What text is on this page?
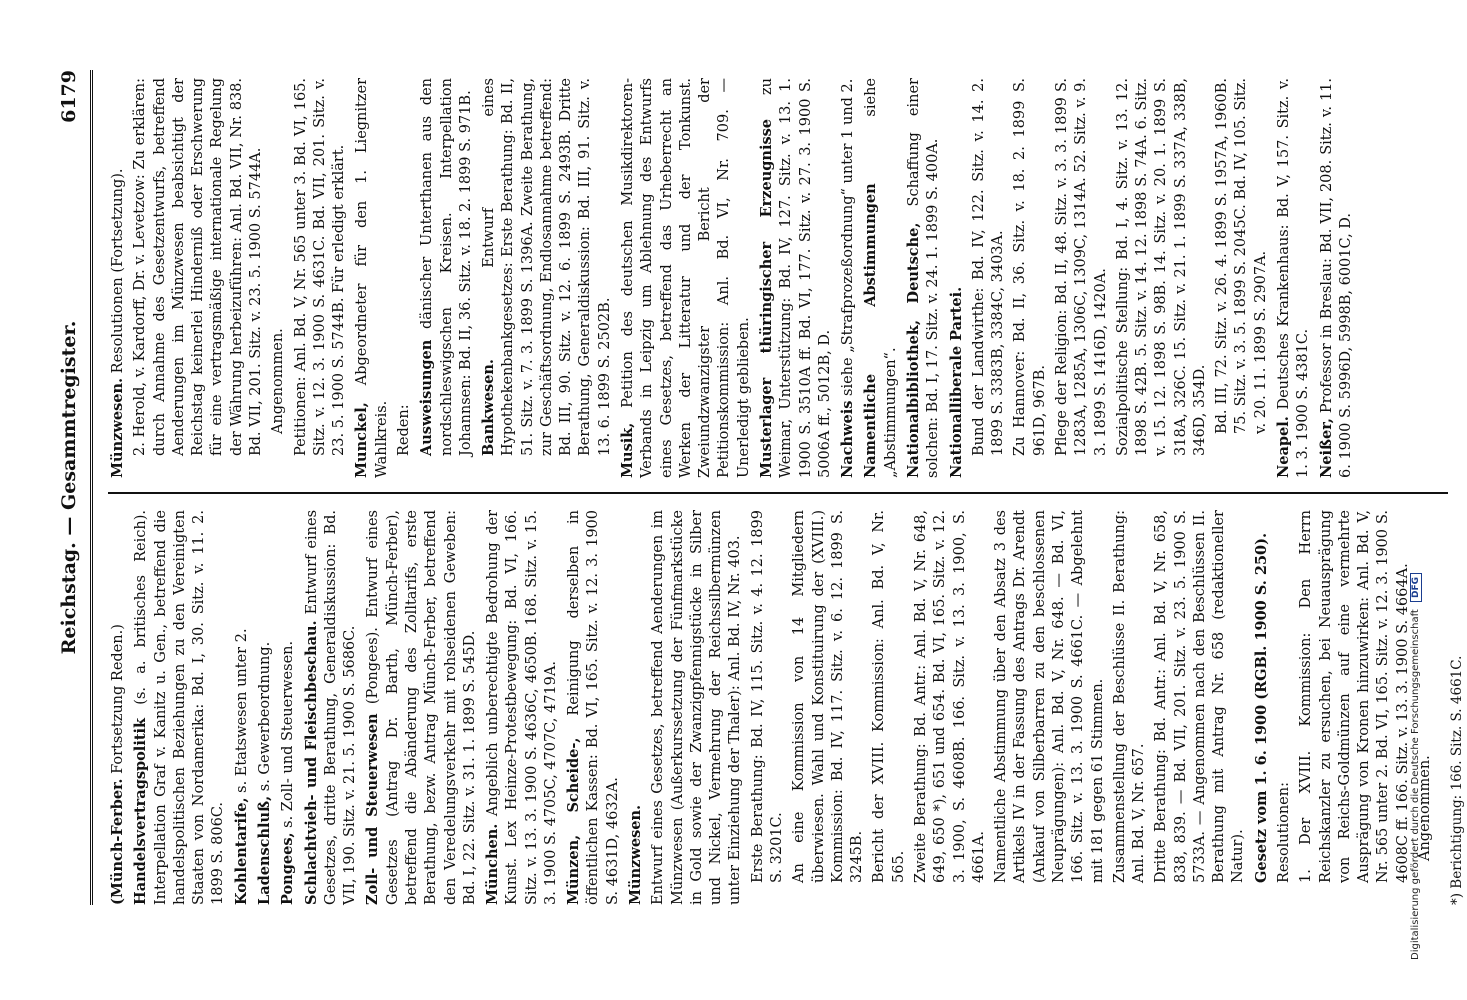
Reichstag. — Gesammtregister.
6179
(Münch-Ferber. Fortsetzung Reden.)
Handelsvertragspolitik (s. a. britisches Reich). Interpellation Graf v. Kanitz u. Gen., betreffend die handelspolitischen Beziehungen zu den Vereinigten Staaten von Nordamerika: Bd. I, 30. Sitz. v. 11. 2. 1899 S. 806C. Kohlentarife, s. Etatswesen unter 2.
Ladenschluß, s. Gewerbeordnung.
Pongees, s. Zoll- und Steuerwesen. Schlachtvieh- und Fleischbeschau. Entwurf eines Gesetzes, dritte Berathung, Generaldiskussion: Bd. VII, 190. Sitz. v. 21. 5. 1900 S. 5686C. Zoll- und Steuerwesen (Pongees). Entwurf eines Gesetzes (Antrag Dr. Barth, Münch-Ferber), betreffend die Abänderung des Zolltarifs, erste Berathung, bezw. Antrag Münch-Ferber, betreffend den Veredelungsverkehr mit rohseidenen Geweben: Bd. I, 22. Sitz. v. 31. 1. 1899 S. 545D. München. Angeblich unberechtigte Bedrohung der Kunst. Lex Heinze-Protestbewegung: Bd. VI, 166. Sitz. v. 13. 3. 1900 S. 4636C, 4650B. 168. Sitz. v. 15. 3. 1900 S. 4705C, 4707C, 4719A. Münzen, Scheide-, Reinigung derselben in öffentlichen Kassen: Bd. VI, 165. Sitz. v. 12. 3. 1900 S. 4631D, 4632A. Münzwesen. Entwurf eines Gesetzes, betreffend Aenderungen im Münzwesen (Außerkurssetzung der Fünfmarkstücke in Gold sowie der Zwanzigpfennigstücke in Silber und Nickel, Vermehrung der Reichssilbermünzen unter Einziehung der Thaler): Anl. Bd. IV, Nr. 403. Erste Berathung: Bd. IV, 115. Sitz. v. 4. 12. 1899 S. 3201C. An eine Kommission von 14 Mitgliedern überwiesen. Wahl und Konstituirung der (XVIII.) Kommission: Bd. IV, 117. Sitz. v. 6. 12. 1899 S. 3245B. Bericht der XVIII. Kommission: Anl. Bd. V, Nr. 565. Zweite Berathung: Bd. Antr.: Anl. Bd. V, Nr. 648, 649, 650 *), 651 und 654. Bd. VI, 165. Sitz. v. 12. 3. 1900, S. 4608B. 166. Sitz. v. 13. 3. 1900, S. 4661A. Namentliche Abstimmung über den Absatz 3 des Artikels IV in der Fassung des Antrags Dr. Arendt (Ankauf von Silberbarren zu den beschlossenen Neuprägungen): Anl. Bd. V, Nr. 648. — Bd. VI, 166. Sitz. v. 13. 3. 1900 S. 4661C. — Abgelehnt mit 181 gegen 61 Stimmen. Zusammenstellung der Beschlüsse II. Berathung: Anl. Bd. V, Nr. 657. Dritte Berathung: Bd. Antr.: Anl. Bd. V, Nr. 658, 838, 839. — Bd. VII, 201. Sitz. v. 23. 5. 1900 S. 5733A. — Angenommen nach den Beschlüssen II. Berathung mit Antrag Nr. 658 (redaktioneller Natur). Gesetz vom 1. 6. 1900 (RGBl. 1900 S. 250). Resolutionen: 1. Der XVIII. Kommission: Den Herrn Reichskanzler zu ersuchen, bei Neuausprägung von Reichs-Goldmünzen auf eine vermehrte Ausprägung von Kronen hinzuwirken: Anl. Bd. V, Nr. 565 unter 2. Bd. VI, 165. Sitz. v. 12. 3. 1900 S. 4608C ff. 166. Sitz. v. 13. 3. 1900 S. 4664A. Angenommen. *) Berichtigung: 166. Sitz. S. 4661C.
Münzwesen. Resolutionen (Fortsetzung). 2. Herold, v. Kardorff, Dr. v. Levetzow: Zu erklären: durch Annahme des Gesetzentwurfs, betreffend Aenderungen im Münzwesen beabsichtigt der Reichstag keinerlei Hinderniß oder Erschwerung für eine vertragsmäßige internationale Regelung der Währung herbeizuführen: Anl. Bd. VII, Nr. 838. Bd. VII, 201. Sitz. v. 23. 5. 1900 S. 5744A. Angenommen. Petitionen: Anl. Bd. V, Nr. 565 unter 3. Bd. VI, 165. Sitz. v. 12. 3. 1900 S. 4631C. Bd. VII, 201. Sitz. v. 23. 5. 1900 S. 5744B. Für erledigt erklärt. Munckel, Abgeordneter für den 1. Liegnitzer Wahlkreis. Reden: Ausweisungen dänischer Unterthanen aus den nordschleswigschen Kreisen. Interpellation Johannsen: Bd. II, 36. Sitz. v. 18. 2. 1899 S. 971B. Bankwesen. Entwurf eines Hypothekenbankgesetzes: Erste Berathung: Bd. II, 51. Sitz. v. 7. 3. 1899 S. 1396A. Zweite Berathung, zur Geschäftsordnung, Endlosannahme betreffend: Bd. III, 90. Sitz. v. 12. 6. 1899 S. 2493B. Dritte Berathung, Generaldiskussion: Bd. III, 91. Sitz. v. 13. 6. 1899 S. 2502B. Musik, Petition des deutschen Musikdirektoren-Verbands in Leipzig um Ablehnung des Entwurfs eines Gesetzes, betreffend das Urheberrecht an Werken der Litteratur und der Tonkunst. Zweiundzwanzigster Bericht der Petitionskommission: Anl. Bd. VI, Nr. 709. — Unerledigt geblieben. Musterlager thüringischer Erzeugnisse zu Weimar, Unterstützung: Bd. IV, 127. Sitz. v. 13. 1. 1900 S. 3510A ff. Bd. VI, 177. Sitz. v. 27. 3. 1900 S. 5006A ff., 5012B, D. Nachweis siehe „Strafprozeßordnung“ unter 1 und 2. Namentliche Abstimmungen siehe „Abstimmungen“. Nationalbibliothek, Deutsche, Schaffung einer solchen: Bd. I, 17. Sitz. v. 24. 1. 1899 S. 400A. Nationalliberale Partei. Bund der Landwirthe: Bd. IV, 122. Sitz. v. 14. 2. 1899 S. 3383B, 3384C, 3403A. Zu Hannover: Bd. II, 36. Sitz. v. 18. 2. 1899 S. 961D, 967B. Pflege der Religion: Bd. II, 48. Sitz. v. 3. 3. 1899 S. 1283A, 1285A, 1306C, 1309C, 1314A. 52. Sitz. v. 9. 3. 1899 S. 1416D, 1420A. Sozialpolitische Stellung: Bd. I, 4. Sitz. v. 13. 12. 1898 S. 42B. 5. Sitz. v. 14. 12. 1898 S. 74A. 6. Sitz. v. 15. 12. 1898 S. 98B. 14. Sitz. v. 20. 1. 1899 S. 318A, 326C. 15. Sitz. v. 21. 1. 1899 S. 337A, 338B, 346D, 354D. Bd. III, 72. Sitz. v. 26. 4. 1899 S. 1957A, 1960B. 75. Sitz. v. 3. 5. 1899 S. 2045C. Bd. IV, 105. Sitz. v. 20. 11. 1899 S. 2907A.
Neapel. Deutsches Krankenhaus: Bd. V, 157. Sitz. v. 1. 3. 1900 S. 4381C. Neißer, Professor in Breslau: Bd. VII, 208. Sitz. v. 11. 6. 1900 S. 5996D, 5998B, 6001C, D.
Digitalisierung gefördert durch die Deutsche Forschungsgemeinschaft DFG
